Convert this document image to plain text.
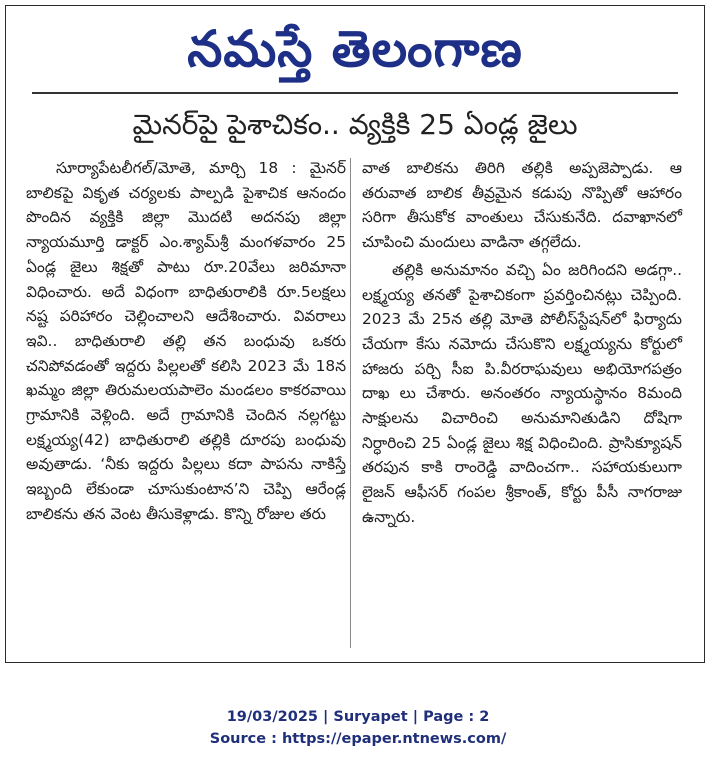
నమస్తే తెలంగాణ
మైనర్‌పై పైశాచికం.. వ్యక్తికి 25 ఏండ్ల జైలు

సూర్యాపేటలీగల్/మోతె, మార్చి 18 : మైనర్ బాలికపై వికృత చర్యలకు పాల్పడి పైశాచిక ఆనందం పొందిన వ్యక్తికి జిల్లా మొదటి అదనపు జిల్లా న్యాయమూర్తి డాక్టర్ ఎం.శ్యామ్‌శ్రీ మంగళవారం 25 ఏండ్ల జైలు శిక్షతో పాటు రూ.20వేలు జరిమానా విధించారు. అదే విధంగా బాధితురాలికి రూ.5లక్షలు నష్ట పరిహారం చెల్లించాలని ఆదేశించారు. వివరాలు ఇవి.. బాధితురాలి తల్లి తన బంధువు ఒకరు చనిపోవడంతో ఇద్దరు పిల్లలతో కలిసి 2023 మే 18న ఖమ్మం జిల్లా తిరుమలయపాలెం మండలం కాకరవాయి గ్రామానికి వెళ్లింది. అదే గ్రామానికి చెందిన నల్లగట్టు లక్ష్మయ్య(42) బాధితురాలి తల్లికి దూరపు బంధువు అవుతాడు. ‘నీకు ఇద్దరు పిల్లలు కదా పాపను నాకిస్తే ఇబ్బంది లేకుండా చూసుకుంటాన’ని చెప్పి ఆరేండ్ల బాలికను తన వెంట తీసుకెళ్లాడు. కొన్ని రోజుల తరు

వాత బాలికను తిరిగి తల్లికి అప్పజెప్పాడు. ఆ తరువాత బాలిక తీవ్రమైన కడుపు నొప్పితో ఆహారం సరిగా తీసుకోక వాంతులు చేసుకునేది. దవాఖానలో చూపించి మందులు వాడినా తగ్గలేదు.

తల్లికి అనుమానం వచ్చి ఏం జరిగిందని అడగ్గా.. లక్ష్మయ్య తనతో పైశాచికంగా ప్రవర్తించినట్లు చెప్పింది. 2023 మే 25న తల్లి మోతె పోలీస్‌స్టేషన్‌లో ఫిర్యాదు చేయగా కేసు నమోదు చేసుకొని లక్ష్మయ్యను కోర్టులో హాజరు పర్చి సీఐ పి.వీరరాఘవులు అభియోగపత్రం దాఖ లు చేశారు. అనంతరం న్యాయస్థానం 8మంది సాక్షులను విచారించి అనుమానితుడిని దోషిగా నిర్ధారించి 25 ఏండ్ల జైలు శిక్ష విధించింది. ప్రాసిక్యూషన్ తరపున కాకి రాంరెడ్డి వాదించగా.. సహాయకులుగా లైజన్ ఆఫీసర్ గంపల శ్రీకాంత్, కోర్టు పీసీ నాగరాజు ఉన్నారు.

19/03/2025 | Suryapet | Page : 2
Source : https://epaper.ntnews.com/
